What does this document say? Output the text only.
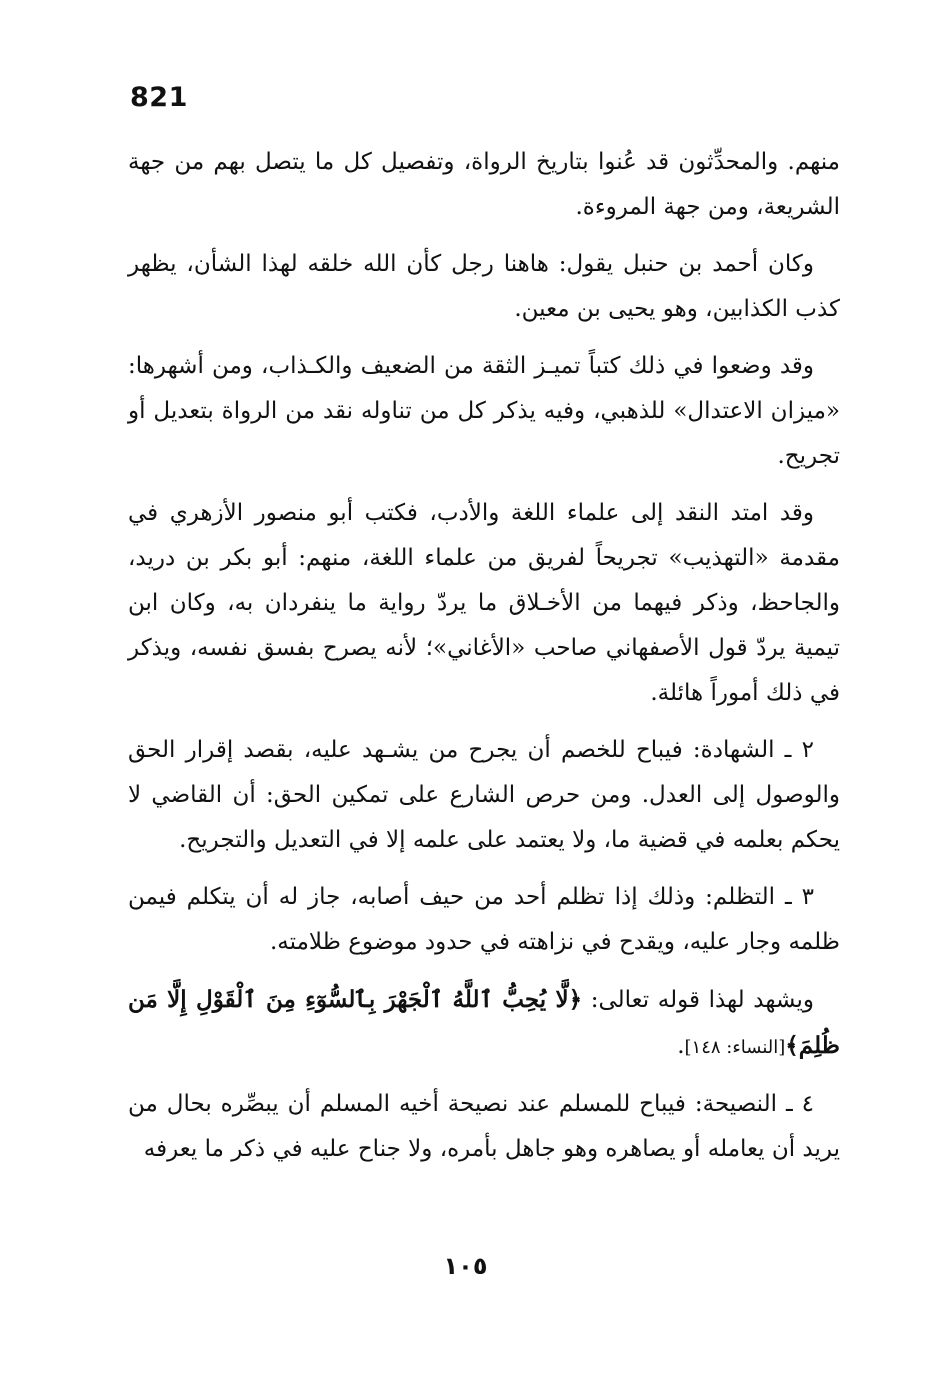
821

منهم. والمحدِّثون قد عُنوا بتاريخ الرواة، وتفصيل كل ما يتصل بهم من جهة الشريعة، ومن جهة المروءة.

وكان أحمد بن حنبل يقول: هاهنا رجل كأن الله خلقه لهذا الشأن، يظهر كذب الكذابين، وهو يحيى بن معين.

وقد وضعوا في ذلك كتباً تميـز الثقة من الضعيف والكـذاب، ومن أشهرها: «ميزان الاعتدال» للذهبي، وفيه يذكر كل من تناوله نقد من الرواة بتعديل أو تجريح.

وقد امتد النقد إلى علماء اللغة والأدب، فكتب أبو منصور الأزهري في مقدمة «التهذيب» تجريحاً لفريق من علماء اللغة، منهم: أبو بكر بن دريد، والجاحظ، وذكر فيهما من الأخـلاق ما يردّ رواية ما ينفردان به، وكان ابن تيمية يردّ قول الأصفهاني صاحب «الأغاني»؛ لأنه يصرح بفسق نفسه، ويذكر في ذلك أموراً هائلة.

٢ ـ الشهادة: فيباح للخصم أن يجرح من يشـهد عليه، بقصد إقرار الحق والوصول إلى العدل. ومن حرص الشارع على تمكين الحق: أن القاضي لا يحكم بعلمه في قضية ما، ولا يعتمد على علمه إلا في التعديل والتجريح.

٣ ـ التظلم: وذلك إذا تظلم أحد من حيف أصابه، جاز له أن يتكلم فيمن ظلمه وجار عليه، ويقدح في نزاهته في حدود موضوع ظلامته.

ويشهد لهذا قوله تعالى: ﴿لَّا يُحِبُّ ٱللَّهُ ٱلْجَهْرَ بِٱلسُّوٓءِ مِنَ ٱلْقَوْلِ إِلَّا مَن ظُلِمَ﴾[النساء: ١٤٨].

٤ ـ النصيحة: فيباح للمسلم عند نصيحة أخيه المسلم أن يبصِّره بحال من يريد أن يعامله أو يصاهره وهو جاهل بأمره، ولا جناح عليه في ذكر ما يعرفه

١٠٥
